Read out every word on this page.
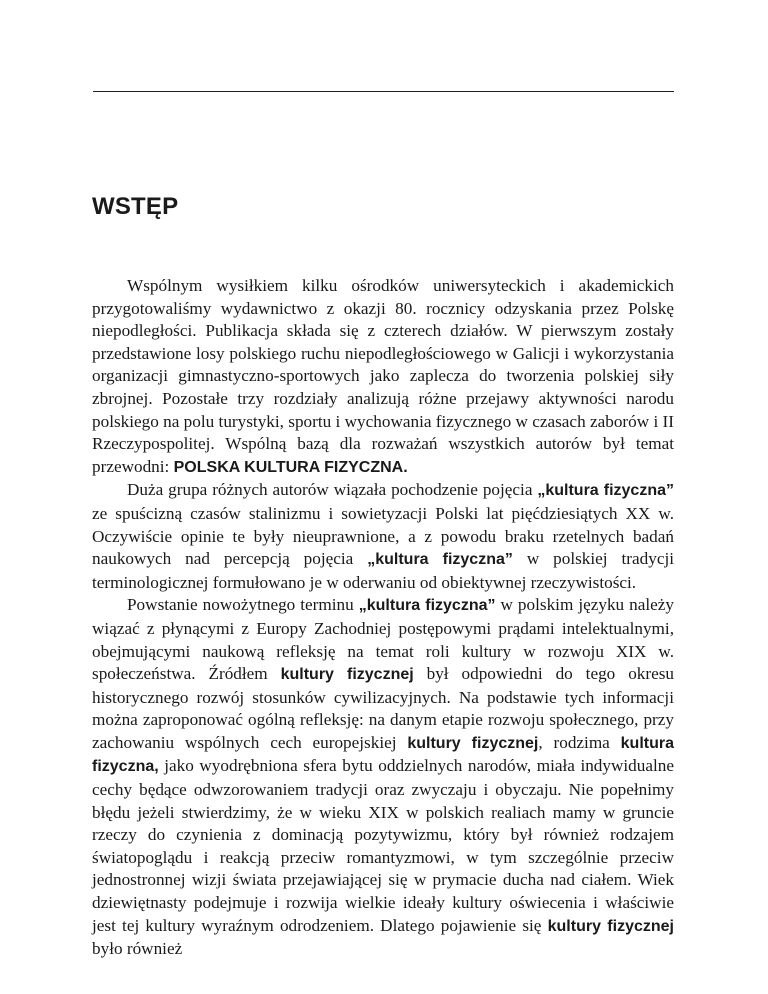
WSTĘP

Wspólnym wysiłkiem kilku ośrodków uniwersyteckich i akademickich przygotowaliśmy wydawnictwo z okazji 80. rocznicy odzyskania przez Polskę niepodległości. Publikacja składa się z czterech działów. W pierwszym zostały przedstawione losy polskiego ruchu niepodległościowego w Galicji i wykorzystania organizacji gimnastyczno-sportowych jako zaplecza do tworzenia polskiej siły zbrojnej. Pozostałe trzy rozdziały analizują różne przejawy aktywności narodu polskiego na polu turystyki, sportu i wychowania fizycznego w czasach zaborów i II Rzeczypospolitej. Wspólną bazą dla rozważań wszystkich autorów był temat przewodni: POLSKA KULTURA FIZYCZNA.

Duża grupa różnych autorów wiązała pochodzenie pojęcia „kultura fizyczna” ze spuścizną czasów stalinizmu i sowietyzacji Polski lat pięćdziesiątych XX w. Oczywiście opinie te były nieuprawnione, a z powodu braku rzetelnych badań naukowych nad percepcją pojęcia „kultura fizyczna” w polskiej tradycji terminologicznej formułowano je w oderwaniu od obiektywnej rzeczywistości.

Powstanie nowożytnego terminu „kultura fizyczna” w polskim języku należy wiązać z płynącymi z Europy Zachodniej postępowymi prądami intelektualnymi, obejmującymi naukową refleksję na temat roli kultury w rozwoju XIX w. społeczeństwa. Źródłem kultury fizycznej był odpowiedni do tego okresu historycznego rozwój stosunków cywilizacyjnych. Na podstawie tych informacji można zaproponować ogólną refleksję: na danym etapie rozwoju społecznego, przy zachowaniu wspólnych cech europejskiej kultury fizycznej, rodzima kultura fizyczna, jako wyodrębniona sfera bytu oddzielnych narodów, miała indywidualne cechy będące odwzorowaniem tradycji oraz zwyczaju i obyczaju. Nie popełnimy błędu jeżeli stwierdzimy, że w wieku XIX w polskich realiach mamy w gruncie rzeczy do czynienia z dominacją pozytywizmu, który był również rodzajem światopoglądu i reakcją przeciw romantyzmowi, w tym szczególnie przeciw jednostronnej wizji świata przejawiającej się w prymacie ducha nad ciałem. Wiek dziewiętnasty podejmuje i rozwija wielkie ideały kultury oświecenia i właściwie jest tej kultury wyraźnym odrodzeniem. Dlatego pojawienie się kultury fizycznej było również
